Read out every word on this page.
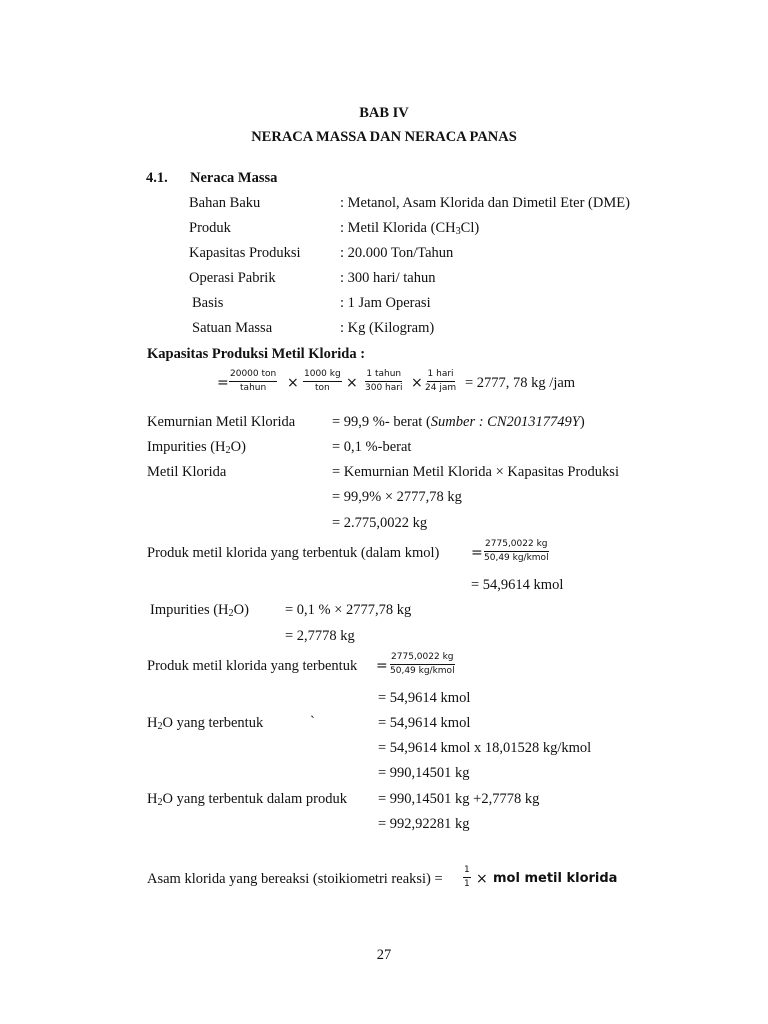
BAB IV
NERACA MASSA DAN NERACA PANAS
4.1. Neraca Massa
Bahan Baku	: Metanol, Asam Klorida dan Dimetil Eter (DME)
Produk	: Metil Klorida $(CH_3Cl)$
Kapasitas Produksi	: 20.000 Ton/Tahun
Operasi Pabrik	: 300 hari/ tahun
Basis	: 1 Jam Operasi
Satuan Massa	: Kg (Kilogram)
Kapasitas Produksi Metil Klorida :
=
20000 ton
tahun ×
1000 kg
ton ×
1 tahun
300 hari ×
1 hari
24 jam = 2777, 78 kg /jam
Kemurnian Metil Klorida	= 99,9 %- berat (Sumber : CN201317749Y)
Impurities $(H_2O)$	= 0,1 %-berat
Metil Klorida	= Kemurnian Metil Klorida × Kapasitas Produksi
= 99,9% × 2777,78 kg
= 2.775,0022 kg
Produk metil klorida yang terbentuk (dalam kmol) =
2775,0022 kg
50,49 kg/kmol
= 54,9614 kmol
Impurities $(H_2O) = 0,1$ % × 2777,78 kg
= 2,7778 kg
Produk metil klorida yang terbentuk =
2775,0022 kg
50,49 kg/kmol
= 54,9614 kmol
$H_2O$ yang terbentuk	`	= 54,9614 kmol
= 54,9614 kmol x 18,01528 kg/kmol
= 990,14501 kg
$H_2O$ yang terbentuk dalam produk = 990,14501 kg +2,7778 kg
= 992,92281 kg
Asam klorida yang bereaksi (stoikiometri reaksi) = $\frac{1}{1}$ × mol metil klorida
27
